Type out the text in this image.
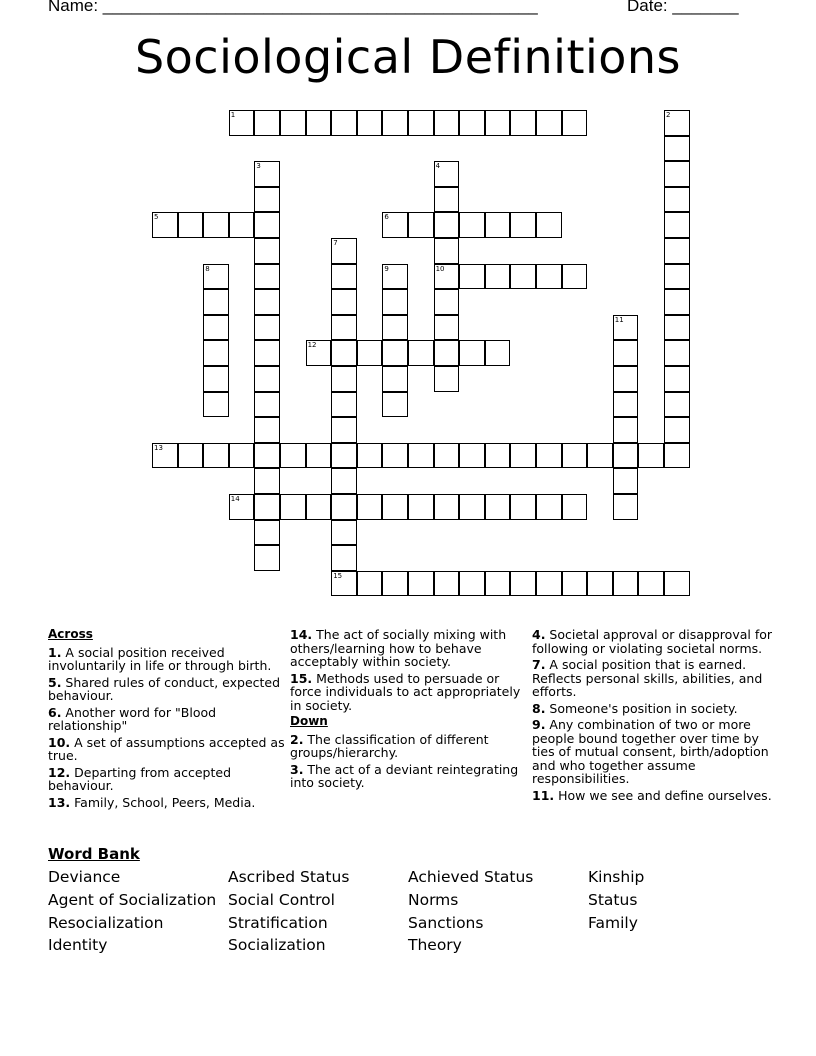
Name: ______________________________________________	Date: _______
Sociological Definitions
1
5	6
10
12
13
14
15
2
3	4
7
8	9
11
Across
1. A social position received involuntarily in life or through birth.
5. Shared rules of conduct, expected behaviour.
6. Another word for "Blood relationship"
10. A set of assumptions accepted as true.
12. Departing from accepted behaviour.
13. Family, School, Peers, Media.
14. The act of socially mixing with others/learning how to behave acceptably within society.
15. Methods used to persuade or force individuals to act appropriately in society.
Down
2. The classification of different groups/hierarchy.
3. The act of a deviant reintegrating into society.
4. Societal approval or disapproval for following or violating societal norms.
7. A social position that is earned. Reflects personal skills, abilities, and efforts.
8. Someone's position in society.
9. Any combination of two or more people bound together over time by ties of mutual consent, birth/adoption and who together assume responsibilities.
11. How we see and define ourselves.
Word Bank
Deviance
Agent of Socialization
Resocialization
Identity
Ascribed Status
Social Control
Stratification
Socialization
Achieved Status
Norms
Sanctions
Theory
Kinship
Status
Family
